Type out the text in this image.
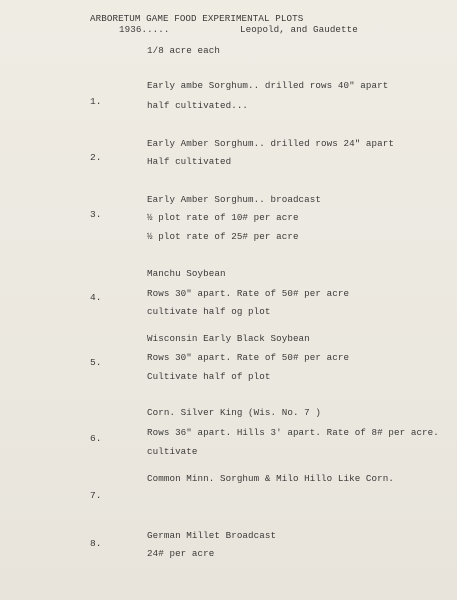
ARBORETUM GAME FOOD EXPERIMENTAL PLOTS
1936.....	Leopold, and Gaudette
1/8 acre each
1.
Early ambe Sorghum.. drilled rows 40" apart
half cultivated...
2.
Early Amber Sorghum.. drilled rows 24" apart
Half cultivated
3.
Early Amber Sorghum.. broadcast
½ plot rate of 10# per acre
½ plot rate of 25# per acre
4.
Manchu Soybean
Rows 30" apart. Rate of 50# per acre
cultivate half og plot
5.
Wisconsin Early Black Soybean
Rows 30" apart. Rate of 50# per acre
Cultivate half of plot
6.
Corn. Silver King (Wis. No. 7 )
Rows 36" apart. Hills 3' apart. Rate of 8# per acre.
cultivate
7.
Common Minn. Sorghum & Milo Hillo Like Corn.
8.
German Millet Broadcast
24# per acre
